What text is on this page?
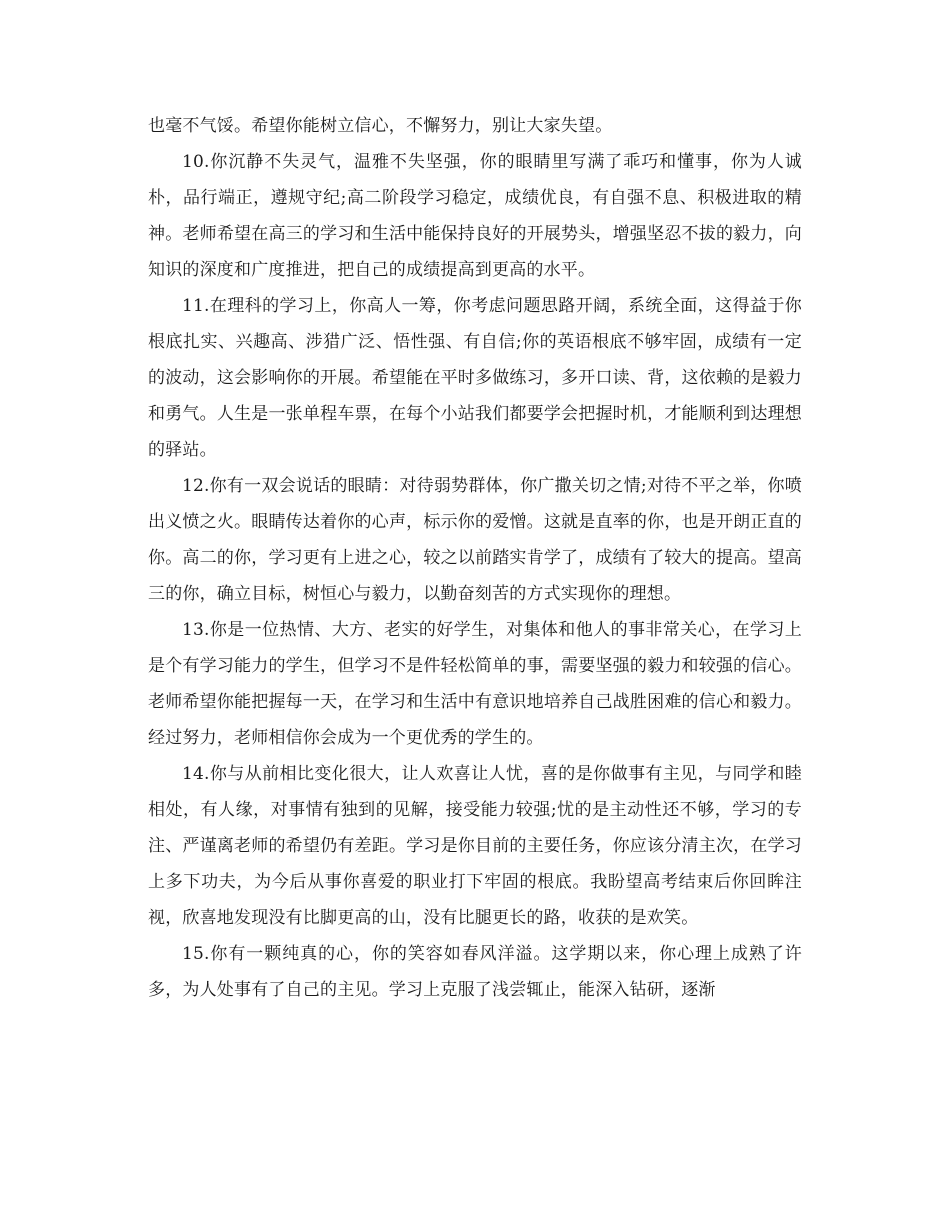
也毫不气馁。希望你能树立信心，不懈努力，别让大家失望。

10.你沉静不失灵气，温雅不失坚强，你的眼睛里写满了乖巧和懂事，你为人诚朴，品行端正，遵规守纪;高二阶段学习稳定，成绩优良，有自强不息、积极进取的精神。老师希望在高三的学习和生活中能保持良好的开展势头，增强坚忍不拔的毅力，向知识的深度和广度推进，把自己的成绩提高到更高的水平。

11.在理科的学习上，你高人一筹，你考虑问题思路开阔，系统全面，这得益于你根底扎实、兴趣高、涉猎广泛、悟性强、有自信;你的英语根底不够牢固，成绩有一定的波动，这会影响你的开展。希望能在平时多做练习，多开口读、背，这依赖的是毅力和勇气。人生是一张单程车票，在每个小站我们都要学会把握时机，才能顺利到达理想的驿站。

12.你有一双会说话的眼睛：对待弱势群体，你广撒关切之情;对待不平之举，你喷出义愤之火。眼睛传达着你的心声，标示你的爱憎。这就是直率的你，也是开朗正直的你。高二的你，学习更有上进之心，较之以前踏实肯学了，成绩有了较大的提高。望高三的你，确立目标，树恒心与毅力，以勤奋刻苦的方式实现你的理想。

13.你是一位热情、大方、老实的好学生，对集体和他人的事非常关心，在学习上是个有学习能力的学生，但学习不是件轻松简单的事，需要坚强的毅力和较强的信心。老师希望你能把握每一天，在学习和生活中有意识地培养自己战胜困难的信心和毅力。经过努力，老师相信你会成为一个更优秀的学生的。

14.你与从前相比变化很大，让人欢喜让人忧，喜的是你做事有主见，与同学和睦相处，有人缘，对事情有独到的见解，接受能力较强;忧的是主动性还不够，学习的专注、严谨离老师的希望仍有差距。学习是你目前的主要任务，你应该分清主次，在学习上多下功夫，为今后从事你喜爱的职业打下牢固的根底。我盼望高考结束后你回眸注视，欣喜地发现没有比脚更高的山，没有比腿更长的路，收获的是欢笑。

15.你有一颗纯真的心，你的笑容如春风洋溢。这学期以来，你心理上成熟了许多，为人处事有了自己的主见。学习上克服了浅尝辄止，能深入钻研，逐渐
